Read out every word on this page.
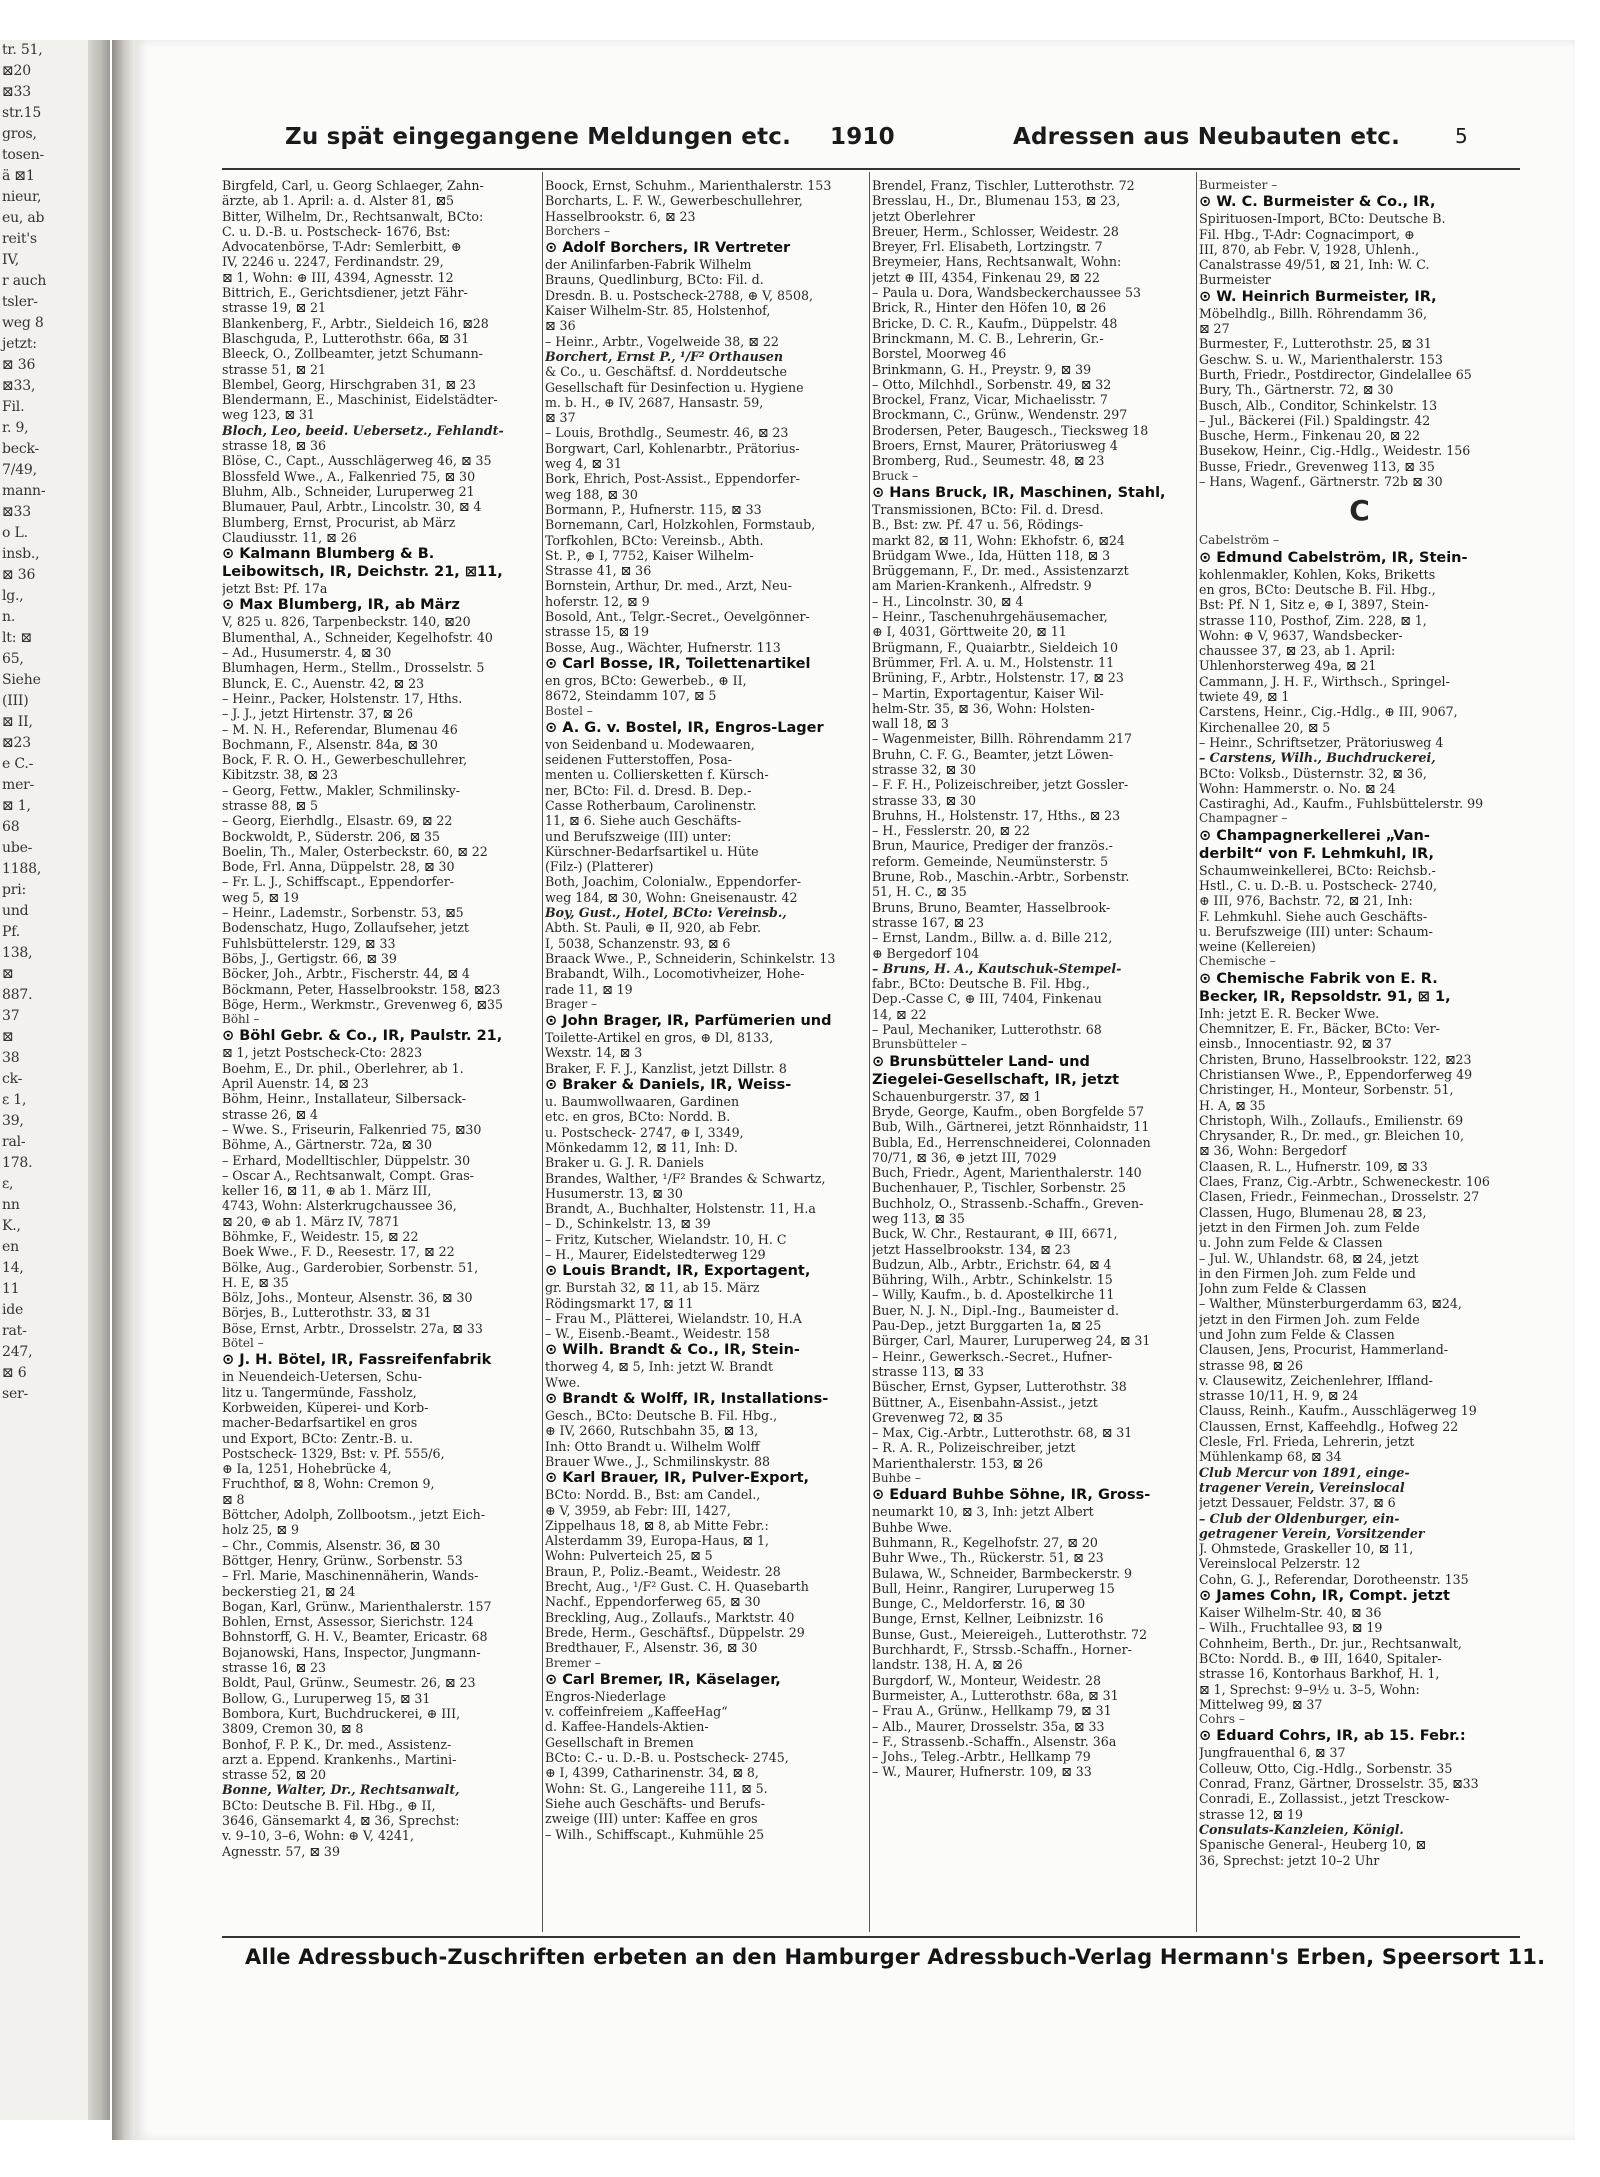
tr. 51,
⊠20
⊠33
str.15
gros,
tosen-
ä ⊠1
nieur,
eu, ab
reit's
IV,
r auch
tsler-
weg 8
jetzt:
⊠ 36
⊠33,
Fil.
r. 9,
beck-
7/49,
mann-
⊠33
o L.
insb.,
⊠ 36
lg.,
n.
lt: ⊠
65,
Siehe
(III)
⊠ II,
⊠23
e C.-
mer-
⊠ 1,
68
ube-
1188,
pri:
und
Pf.
138,
⊠
887.
37
⊠
38
ck-
ε 1,
39,
ral-
178.
ε,
nn
K.,
en
14,
11
ide
rat-
247,
⊠ 6
ser-
Zu spät eingegangene Meldungen etc. 1910	Adressen aus Neubauten etc.	5
Birgfeld, Carl, u. Georg Schlaeger, Zahn-
ärzte, ab 1. April: a. d. Alster 81, ⊠5
Bitter, Wilhelm, Dr., Rechtsanwalt, BCto:
C. u. D.-B. u. Postscheck- 1676, Bst:
Advocatenbörse, T-Adr: Semlerbitt, ⊕
IV, 2246 u. 2247, Ferdinandstr. 29,
⊠ 1, Wohn: ⊕ III, 4394, Agnesstr. 12
Bittrich, E., Gerichtsdiener, jetzt Fähr-
strasse 19, ⊠ 21
Blankenberg, F., Arbtr., Sieldeich 16, ⊠28
Blaschguda, P., Lutterothstr. 66a, ⊠ 31
Bleeck, O., Zollbeamter, jetzt Schumann-
strasse 51, ⊠ 21
Blembel, Georg, Hirschgraben 31, ⊠ 23
Blendermann, E., Maschinist, Eidelstädter-
weg 123, ⊠ 31
Bloch, Leo, beeid. Uebersetz., Fehlandt-
strasse 18, ⊠ 36
Blöse, C., Capt., Ausschlägerweg 46, ⊠ 35
Blossfeld Wwe., A., Falkenried 75, ⊠ 30
Bluhm, Alb., Schneider, Luruperweg 21
Blumauer, Paul, Arbtr., Lincolstr. 30, ⊠ 4
Blumberg, Ernst, Procurist, ab März
Claudiusstr. 11, ⊠ 26
⊙ Kalmann Blumberg & B.
Leibowitsch, IR, Deichstr. 21, ⊠11,
jetzt Bst: Pf. 17a
⊙ Max Blumberg, IR, ab März
V, 825 u. 826, Tarpenbeckstr. 140, ⊠20
Blumenthal, A., Schneider, Kegelhofstr. 40
– Ad., Husumerstr. 4, ⊠ 30
Blumhagen, Herm., Stellm., Drosselstr. 5
Blunck, E. C., Auenstr. 42, ⊠ 23
– Heinr., Packer, Holstenstr. 17, Hths.
– J. J., jetzt Hirtenstr. 37, ⊠ 26
– M. N. H., Referendar, Blumenau 46
Bochmann, F., Alsenstr. 84a, ⊠ 30
Bock, F. R. O. H., Gewerbeschullehrer,
Kibitzstr. 38, ⊠ 23
– Georg, Fettw., Makler, Schmilinsky-
strasse 88, ⊠ 5
– Georg, Eierhdlg., Elsastr. 69, ⊠ 22
Bockwoldt, P., Süderstr. 206, ⊠ 35
Boelin, Th., Maler, Osterbeckstr. 60, ⊠ 22
Bode, Frl. Anna, Düppelstr. 28, ⊠ 30
– Fr. L. J., Schiffscapt., Eppendorfer-
weg 5, ⊠ 19
– Heinr., Lademstr., Sorbenstr. 53, ⊠5
Bodenschatz, Hugo, Zollaufseher, jetzt
Fuhlsbüttelerstr. 129, ⊠ 33
Böbs, J., Gertigstr. 66, ⊠ 39
Böcker, Joh., Arbtr., Fischerstr. 44, ⊠ 4
Böckmann, Peter, Hasselbrookstr. 158, ⊠23
Böge, Herm., Werkmstr., Grevenweg 6, ⊠35
Böhl –
⊙ Böhl Gebr. & Co., IR, Paulstr. 21,
⊠ 1, jetzt Postscheck-Cto: 2823
Boehm, E., Dr. phil., Oberlehrer, ab 1.
April Auenstr. 14, ⊠ 23
Böhm, Heinr., Installateur, Silbersack-
strasse 26, ⊠ 4
– Wwe. S., Friseurin, Falkenried 75, ⊠30
Böhme, A., Gärtnerstr. 72a, ⊠ 30
– Erhard, Modelltischler, Düppelstr. 30
– Oscar A., Rechtsanwalt, Compt. Gras-
keller 16, ⊠ 11, ⊕ ab 1. März III,
4743, Wohn: Alsterkrugchaussee 36,
⊠ 20, ⊕ ab 1. März IV, 7871
Böhmke, F., Weidestr. 15, ⊠ 22
Boek Wwe., F. D., Reesestr. 17, ⊠ 22
Bölke, Aug., Garderobier, Sorbenstr. 51,
H. E, ⊠ 35
Bölz, Johs., Monteur, Alsenstr. 36, ⊠ 30
Börjes, B., Lutterothstr. 33, ⊠ 31
Böse, Ernst, Arbtr., Drosselstr. 27a, ⊠ 33
Bötel –
⊙ J. H. Bötel, IR, Fassreifenfabrik
in Neuendeich-Uetersen, Schu-
litz u. Tangermünde, Fassholz,
Korbweiden, Küperei- und Korb-
macher-Bedarfsartikel en gros
und Export, BCto: Zentr.-B. u.
Postscheck- 1329, Bst: v. Pf. 555/6,
⊕ Ia, 1251, Hohebrücke 4,
Fruchthof, ⊠ 8, Wohn: Cremon 9,
⊠ 8
Böttcher, Adolph, Zollbootsm., jetzt Eich-
holz 25, ⊠ 9
– Chr., Commis, Alsenstr. 36, ⊠ 30
Böttger, Henry, Grünw., Sorbenstr. 53
– Frl. Marie, Maschinennäherin, Wands-
beckerstieg 21, ⊠ 24
Bogan, Karl, Grünw., Marienthalerstr. 157
Bohlen, Ernst, Assessor, Sierichstr. 124
Bohnstorff, G. H. V., Beamter, Ericastr. 68
Bojanowski, Hans, Inspector, Jungmann-
strasse 16, ⊠ 23
Boldt, Paul, Grünw., Seumestr. 26, ⊠ 23
Bollow, G., Luruperweg 15, ⊠ 31
Bombora, Kurt, Buchdruckerei, ⊕ III,
3809, Cremon 30, ⊠ 8
Bonhof, F. P. K., Dr. med., Assistenz-
arzt a. Eppend. Krankenhs., Martini-
strasse 52, ⊠ 20
Bonne, Walter, Dr., Rechtsanwalt,
BCto: Deutsche B. Fil. Hbg., ⊕ II,
3646, Gänsemarkt 4, ⊠ 36, Sprechst:
v. 9–10, 3–6, Wohn: ⊕ V, 4241,
Agnesstr. 57, ⊠ 39
Boock, Ernst, Schuhm., Marienthalerstr. 153
Borcharts, L. F. W., Gewerbeschullehrer,
Hasselbrookstr. 6, ⊠ 23
Borchers –
⊙ Adolf Borchers, IR Vertreter
der Anilinfarben-Fabrik Wilhelm
Brauns, Quedlinburg, BCto: Fil. d.
Dresdn. B. u. Postscheck-2788, ⊕ V, 8508,
Kaiser Wilhelm-Str. 85, Holstenhof,
⊠ 36
– Heinr., Arbtr., Vogelweide 38, ⊠ 22
Borchert, Ernst P., ¹/F² Orthausen
& Co., u. Geschäftsf. d. Norddeutsche
Gesellschaft für Desinfection u. Hygiene
m. b. H., ⊕ IV, 2687, Hansastr. 59,
⊠ 37
– Louis, Brothdlg., Seumestr. 46, ⊠ 23
Borgwart, Carl, Kohlenarbtr., Prätorius-
weg 4, ⊠ 31
Bork, Ehrich, Post-Assist., Eppendorfer-
weg 188, ⊠ 30
Bormann, P., Hufnerstr. 115, ⊠ 33
Bornemann, Carl, Holzkohlen, Formstaub,
Torfkohlen, BCto: Vereinsb., Abth.
St. P., ⊕ I, 7752, Kaiser Wilhelm-
Strasse 41, ⊠ 36
Bornstein, Arthur, Dr. med., Arzt, Neu-
hoferstr. 12, ⊠ 9
Bosold, Ant., Telgr.-Secret., Oevelgönner-
strasse 15, ⊠ 19
Bosse, Aug., Wächter, Hufnerstr. 113
⊙ Carl Bosse, IR, Toilettenartikel
en gros, BCto: Gewerbeb., ⊕ II,
8672, Steindamm 107, ⊠ 5
Bostel –
⊙ A. G. v. Bostel, IR, Engros-Lager
von Seidenband u. Modewaaren,
seidenen Futterstoffen, Posa-
menten u. Colliersketten f. Kürsch-
ner, BCto: Fil. d. Dresd. B. Dep.-
Casse Rotherbaum, Carolinenstr.
11, ⊠ 6. Siehe auch Geschäfts-
und Berufszweige (III) unter:
Kürschner-Bedarfsartikel u. Hüte
(Filz-) (Platterer)
Both, Joachim, Colonialw., Eppendorfer-
weg 184, ⊠ 30, Wohn: Gneisenaustr. 42
Boy, Gust., Hotel, BCto: Vereinsb.,
Abth. St. Pauli, ⊕ II, 920, ab Febr.
I, 5038, Schanzenstr. 93, ⊠ 6
Braack Wwe., P., Schneiderin, Schinkelstr. 13
Brabandt, Wilh., Locomotivheizer, Hohe-
rade 11, ⊠ 19
Brager –
⊙ John Brager, IR, Parfümerien und
Toilette-Artikel en gros, ⊕ Dl, 8133,
Wexstr. 14, ⊠ 3
Braker, F. F. J., Kanzlist, jetzt Dillstr. 8
⊙ Braker & Daniels, IR, Weiss-
u. Baumwollwaaren, Gardinen
etc. en gros, BCto: Nordd. B.
u. Postscheck- 2747, ⊕ I, 3349,
Mönkedamm 12, ⊠ 11, Inh: D.
Braker u. G. J. R. Daniels
Brandes, Walther, ¹/F² Brandes & Schwartz,
Husumerstr. 13, ⊠ 30
Brandt, A., Buchhalter, Holstenstr. 11, H.a
– D., Schinkelstr. 13, ⊠ 39
– Fritz, Kutscher, Wielandstr. 10, H. C
– H., Maurer, Eidelstedterweg 129
⊙ Louis Brandt, IR, Exportagent,
gr. Burstah 32, ⊠ 11, ab 15. März
Rödingsmarkt 17, ⊠ 11
– Frau M., Plätterei, Wielandstr. 10, H.A
– W., Eisenb.-Beamt., Weidestr. 158
⊙ Wilh. Brandt & Co., IR, Stein-
thorweg 4, ⊠ 5, Inh: jetzt W. Brandt
Wwe.
⊙ Brandt & Wolff, IR, Installations-
Gesch., BCto: Deutsche B. Fil. Hbg.,
⊕ IV, 2660, Rutschbahn 35, ⊠ 13,
Inh: Otto Brandt u. Wilhelm Wolff
Brauer Wwe., J., Schmilinskystr. 88
⊙ Karl Brauer, IR, Pulver-Export,
BCto: Nordd. B., Bst: am Candel.,
⊕ V, 3959, ab Febr: III, 1427,
Zippelhaus 18, ⊠ 8, ab Mitte Febr.:
Alsterdamm 39, Europa-Haus, ⊠ 1,
Wohn: Pulverteich 25, ⊠ 5
Braun, P., Poliz.-Beamt., Weidestr. 28
Brecht, Aug., ¹/F² Gust. C. H. Quasebarth
Nachf., Eppendorferweg 65, ⊠ 30
Breckling, Aug., Zollaufs., Marktstr. 40
Brede, Herm., Geschäftsf., Düppelstr. 29
Bredthauer, F., Alsenstr. 36, ⊠ 30
Bremer –
⊙ Carl Bremer, IR, Käselager,
Engros-Niederlage
v. coffeinfreiem „KaffeeHag“
d. Kaffee-Handels-Aktien-
Gesellschaft in Bremen
BCto: C.- u. D.-B. u. Postscheck- 2745,
⊕ I, 4399, Catharinenstr. 34, ⊠ 8,
Wohn: St. G., Langereihe 111, ⊠ 5.
Siehe auch Geschäfts- und Berufs-
zweige (III) unter: Kaffee en gros
– Wilh., Schiffscapt., Kuhmühle 25
Brendel, Franz, Tischler, Lutterothstr. 72
Bresslau, H., Dr., Blumenau 153, ⊠ 23,
jetzt Oberlehrer
Breuer, Herm., Schlosser, Weidestr. 28
Breyer, Frl. Elisabeth, Lortzingstr. 7
Breymeier, Hans, Rechtsanwalt, Wohn:
jetzt ⊕ III, 4354, Finkenau 29, ⊠ 22
– Paula u. Dora, Wandsbeckerchaussee 53
Brick, R., Hinter den Höfen 10, ⊠ 26
Bricke, D. C. R., Kaufm., Düppelstr. 48
Brinckmann, M. C. B., Lehrerin, Gr.-
Borstel, Moorweg 46
Brinkmann, G. H., Preystr. 9, ⊠ 39
– Otto, Milchhdl., Sorbenstr. 49, ⊠ 32
Brockel, Franz, Vicar, Michaelisstr. 7
Brockmann, C., Grünw., Wendenstr. 297
Brodersen, Peter, Baugesch., Tiecksweg 18
Broers, Ernst, Maurer, Prätoriusweg 4
Bromberg, Rud., Seumestr. 48, ⊠ 23
Bruck –
⊙ Hans Bruck, IR, Maschinen, Stahl,
Transmissionen, BCto: Fil. d. Dresd.
B., Bst: zw. Pf. 47 u. 56, Rödings-
markt 82, ⊠ 11, Wohn: Ekhofstr. 6, ⊠24
Brüdgam Wwe., Ida, Hütten 118, ⊠ 3
Brüggemann, F., Dr. med., Assistenzarzt
am Marien-Krankenh., Alfredstr. 9
– H., Lincolnstr. 30, ⊠ 4
– Heinr., Taschenuhrgehäusemacher,
⊕ I, 4031, Görttweite 20, ⊠ 11
Brügmann, F., Quaiarbtr., Sieldeich 10
Brümmer, Frl. A. u. M., Holstenstr. 11
Brüning, F., Arbtr., Holstenstr. 17, ⊠ 23
– Martin, Exportagentur, Kaiser Wil-
helm-Str. 35, ⊠ 36, Wohn: Holsten-
wall 18, ⊠ 3
– Wagenmeister, Billh. Röhrendamm 217
Bruhn, C. F. G., Beamter, jetzt Löwen-
strasse 32, ⊠ 30
– F. F. H., Polizeischreiber, jetzt Gossler-
strasse 33, ⊠ 30
Bruhns, H., Holstenstr. 17, Hths., ⊠ 23
– H., Fesslerstr. 20, ⊠ 22
Brun, Maurice, Prediger der französ.-
reform. Gemeinde, Neumünsterstr. 5
Brune, Rob., Maschin.-Arbtr., Sorbenstr.
51, H. C., ⊠ 35
Bruns, Bruno, Beamter, Hasselbrook-
strasse 167, ⊠ 23
– Ernst, Landm., Billw. a. d. Bille 212,
⊕ Bergedorf 104
– Bruns, H. A., Kautschuk-Stempel-
fabr., BCto: Deutsche B. Fil. Hbg.,
Dep.-Casse C, ⊕ III, 7404, Finkenau
14, ⊠ 22
– Paul, Mechaniker, Lutterothstr. 68
Brunsbütteler –
⊙ Brunsbütteler Land- und
Ziegelei-Gesellschaft, IR, jetzt
Schauenburgerstr. 37, ⊠ 1
Bryde, George, Kaufm., oben Borgfelde 57
Bub, Wilh., Gärtnerei, jetzt Rönnhaidstr, 11
Bubla, Ed., Herrenschneiderei, Colonnaden
70/71, ⊠ 36, ⊕ jetzt III, 7029
Buch, Friedr., Agent, Marienthalerstr. 140
Buchenhauer, P., Tischler, Sorbenstr. 25
Buchholz, O., Strassenb.-Schaffn., Greven-
weg 113, ⊠ 35
Buck, W. Chr., Restaurant, ⊕ III, 6671,
jetzt Hasselbrookstr. 134, ⊠ 23
Budzun, Alb., Arbtr., Erichstr. 64, ⊠ 4
Bühring, Wilh., Arbtr., Schinkelstr. 15
– Willy, Kaufm., b. d. Apostelkirche 11
Buer, N. J. N., Dipl.-Ing., Baumeister d.
Pau-Dep., jetzt Burggarten 1a, ⊠ 25
Bürger, Carl, Maurer, Luruperweg 24, ⊠ 31
– Heinr., Gewerksch.-Secret., Hufner-
strasse 113, ⊠ 33
Büscher, Ernst, Gypser, Lutterothstr. 38
Büttner, A., Eisenbahn-Assist., jetzt
Grevenweg 72, ⊠ 35
– Max, Cig.-Arbtr., Lutterothstr. 68, ⊠ 31
– R. A. R., Polizeischreiber, jetzt
Marienthalerstr. 153, ⊠ 26
Buhbe –
⊙ Eduard Buhbe Söhne, IR, Gross-
neumarkt 10, ⊠ 3, Inh: jetzt Albert
Buhbe Wwe.
Buhmann, R., Kegelhofstr. 27, ⊠ 20
Buhr Wwe., Th., Rückerstr. 51, ⊠ 23
Bulawa, W., Schneider, Barmbeckerstr. 9
Bull, Heinr., Rangirer, Luruperweg 15
Bunge, C., Meldorferstr. 16, ⊠ 30
Bunge, Ernst, Kellner, Leibnizstr. 16
Bunse, Gust., Meiereigeh., Lutterothstr. 72
Burchhardt, F., Strssb.-Schaffn., Horner-
landstr. 138, H. A, ⊠ 26
Burgdorf, W., Monteur, Weidestr. 28
Burmeister, A., Lutterothstr. 68a, ⊠ 31
– Frau A., Grünw., Hellkamp 79, ⊠ 31
– Alb., Maurer, Drosselstr. 35a, ⊠ 33
– F., Strassenb.-Schaffn., Alsenstr. 36a
– Johs., Teleg.-Arbtr., Hellkamp 79
– W., Maurer, Hufnerstr. 109, ⊠ 33
Burmeister –
⊙ W. C. Burmeister & Co., IR,
Spirituosen-Import, BCto: Deutsche B.
Fil. Hbg., T-Adr: Cognacimport, ⊕
III, 870, ab Febr. V, 1928, Uhlenh.,
Canalstrasse 49/51, ⊠ 21, Inh: W. C.
Burmeister
⊙ W. Heinrich Burmeister, IR,
Möbelhdlg., Billh. Röhrendamm 36,
⊠ 27
Burmester, F., Lutterothstr. 25, ⊠ 31
Geschw. S. u. W., Marienthalerstr. 153
Burth, Friedr., Postdirector, Gindelallee 65
Bury, Th., Gärtnerstr. 72, ⊠ 30
Busch, Alb., Conditor, Schinkelstr. 13
– Jul., Bäckerei (Fil.) Spaldingstr. 42
Busche, Herm., Finkenau 20, ⊠ 22
Busekow, Heinr., Cig.-Hdlg., Weidestr. 156
Busse, Friedr., Grevenweg 113, ⊠ 35
– Hans, Wagenf., Gärtnerstr. 72b ⊠ 30
C
Cabelström –
⊙ Edmund Cabelström, IR, Stein-
kohlenmakler, Kohlen, Koks, Briketts
en gros, BCto: Deutsche B. Fil. Hbg.,
Bst: Pf. N 1, Sitz e, ⊕ I, 3897, Stein-
strasse 110, Posthof, Zim. 228, ⊠ 1,
Wohn: ⊕ V, 9637, Wandsbecker-
chaussee 37, ⊠ 23, ab 1. April:
Uhlenhorsterweg 49a, ⊠ 21
Cammann, J. H. F., Wirthsch., Springel-
twiete 49, ⊠ 1
Carstens, Heinr., Cig.-Hdlg., ⊕ III, 9067,
Kirchenallee 20, ⊠ 5
– Heinr., Schriftsetzer, Prätoriusweg 4
– Carstens, Wilh., Buchdruckerei,
BCto: Volksb., Düsternstr. 32, ⊠ 36,
Wohn: Hammerstr. o. No. ⊠ 24
Castiraghi, Ad., Kaufm., Fuhlsbüttelerstr. 99
Champagner –
⊙ Champagnerkellerei „Van-
derbilt“ von F. Lehmkuhl, IR,
Schaumweinkellerei, BCto: Reichsb.-
Hstl., C. u. D.-B. u. Postscheck- 2740,
⊕ III, 976, Bachstr. 72, ⊠ 21, Inh:
F. Lehmkuhl. Siehe auch Geschäfts-
u. Berufszweige (III) unter: Schaum-
weine (Kellereien)
Chemische –
⊙ Chemische Fabrik von E. R.
Becker, IR, Repsoldstr. 91, ⊠ 1,
Inh: jetzt E. R. Becker Wwe.
Chemnitzer, E. Fr., Bäcker, BCto: Ver-
einsb., Innocentiastr. 92, ⊠ 37
Christen, Bruno, Hasselbrookstr. 122, ⊠23
Christiansen Wwe., P., Eppendorferweg 49
Christinger, H., Monteur, Sorbenstr. 51,
H. A, ⊠ 35
Christoph, Wilh., Zollaufs., Emilienstr. 69
Chrysander, R., Dr. med., gr. Bleichen 10,
⊠ 36, Wohn: Bergedorf
Claasen, R. L., Hufnerstr. 109, ⊠ 33
Claes, Franz, Cig.-Arbtr., Schweneckestr. 106
Clasen, Friedr., Feinmechan., Drosselstr. 27
Classen, Hugo, Blumenau 28, ⊠ 23,
jetzt in den Firmen Joh. zum Felde
u. John zum Felde & Classen
– Jul. W., Uhlandstr. 68, ⊠ 24, jetzt
in den Firmen Joh. zum Felde und
John zum Felde & Classen
– Walther, Münsterburgerdamm 63, ⊠24,
jetzt in den Firmen Joh. zum Felde
und John zum Felde & Classen
Clausen, Jens, Procurist, Hammerland-
strasse 98, ⊠ 26
v. Clausewitz, Zeichenlehrer, Iffland-
strasse 10/11, H. 9, ⊠ 24
Clauss, Reinh., Kaufm., Ausschlägerweg 19
Claussen, Ernst, Kaffeehdlg., Hofweg 22
Clesle, Frl. Frieda, Lehrerin, jetzt
Mühlenkamp 68, ⊠ 34
Club Mercur von 1891, einge-
tragener Verein, Vereinslocal
jetzt Dessauer, Feldstr. 37, ⊠ 6
– Club der Oldenburger, ein-
getragener Verein, Vorsitzender
J. Ohmstede, Graskeller 10, ⊠ 11,
Vereinslocal Pelzerstr. 12
Cohn, G. J., Referendar, Dorotheenstr. 135
⊙ James Cohn, IR, Compt. jetzt
Kaiser Wilhelm-Str. 40, ⊠ 36
– Wilh., Fruchtallee 93, ⊠ 19
Cohnheim, Berth., Dr. jur., Rechtsanwalt,
BCto: Nordd. B., ⊕ III, 1640, Spitaler-
strasse 16, Kontorhaus Barkhof, H. 1,
⊠ 1, Sprechst: 9–9½ u. 3–5, Wohn:
Mittelweg 99, ⊠ 37
Cohrs –
⊙ Eduard Cohrs, IR, ab 15. Febr.:
Jungfrauenthal 6, ⊠ 37
Colleuw, Otto, Cig.-Hdlg., Sorbenstr. 35
Conrad, Franz, Gärtner, Drosselstr. 35, ⊠33
Conradi, E., Zollassist., jetzt Tresckow-
strasse 12, ⊠ 19
Consulats-Kanzleien, Königl.
Spanische General-, Heuberg 10, ⊠
36, Sprechst: jetzt 10–2 Uhr
Alle Adressbuch-Zuschriften erbeten an den Hamburger Adressbuch-Verlag Hermann's Erben, Speersort 11.
